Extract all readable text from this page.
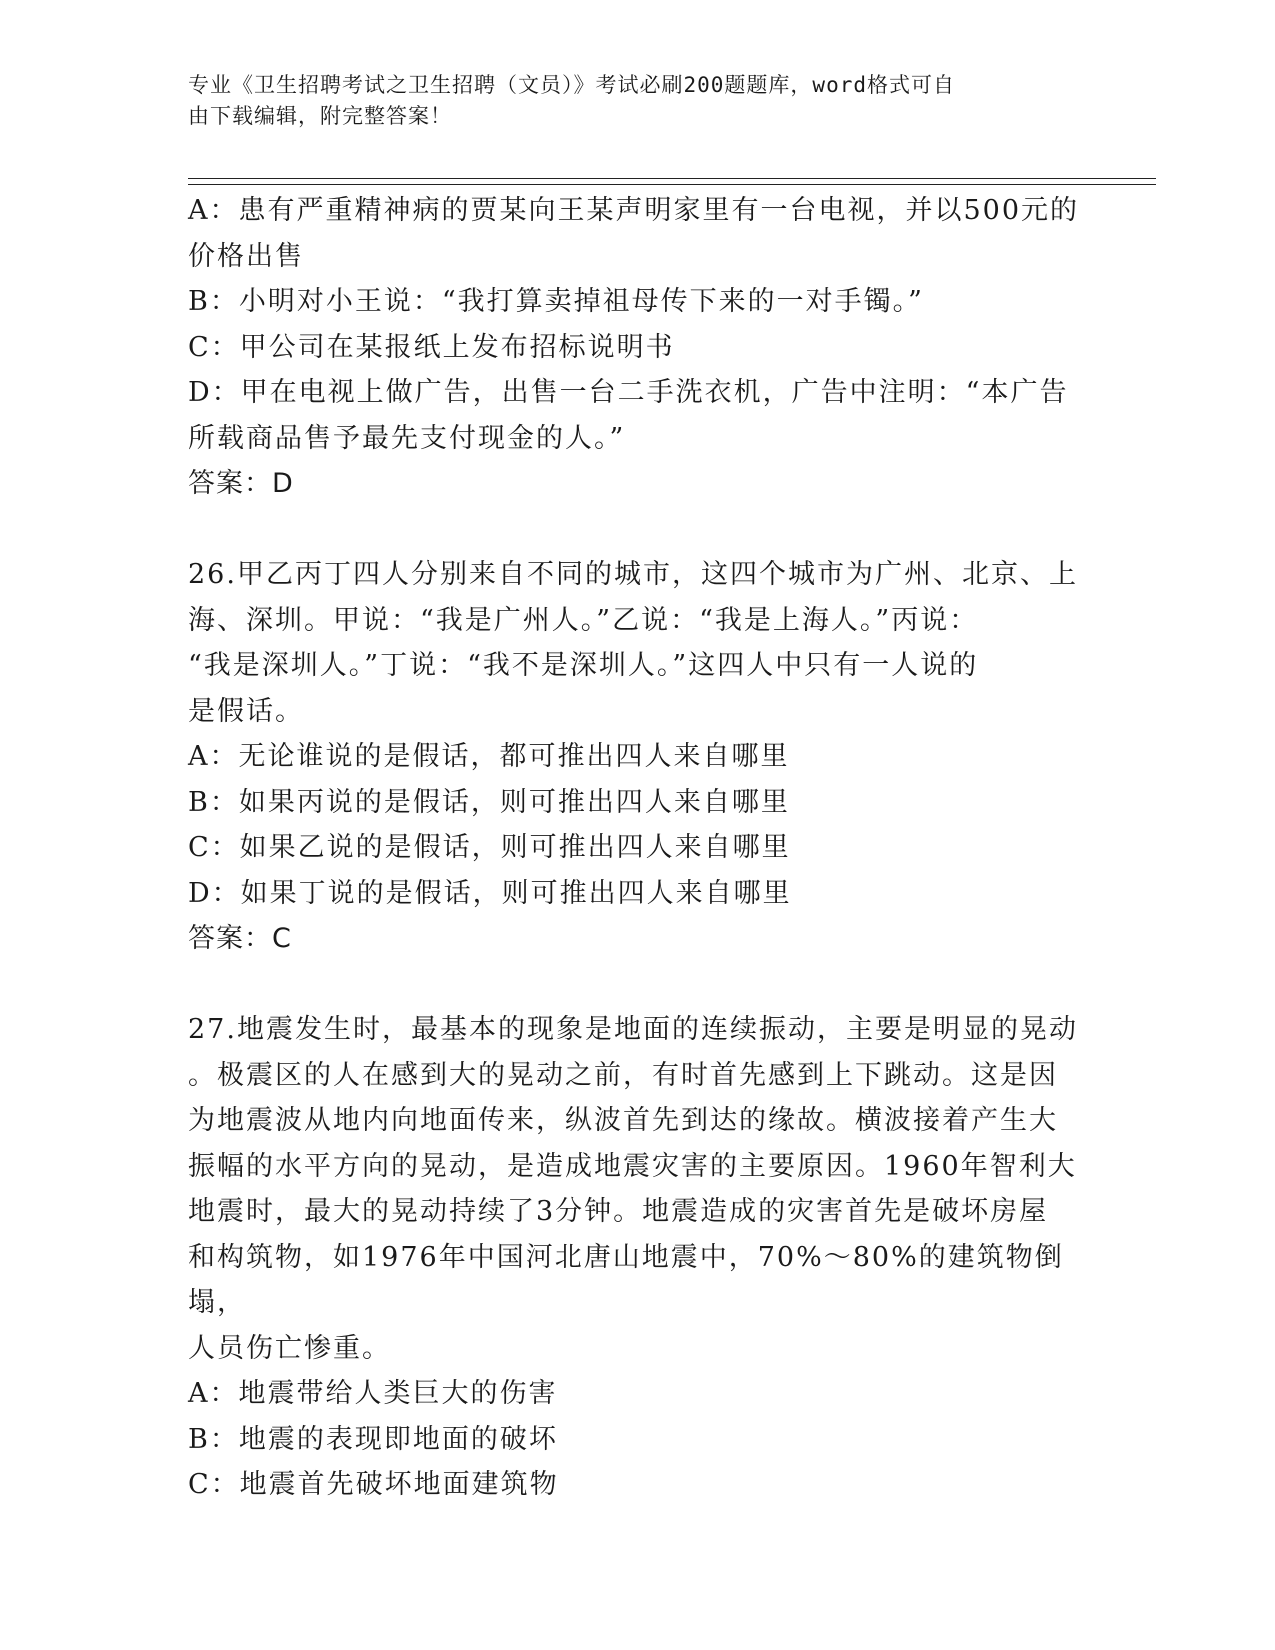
专业《卫生招聘考试之卫生招聘（文员）》考试必刷200题题库，word格式可自
由下载编辑，附完整答案！

A：患有严重精神病的贾某向王某声明家里有一台电视，并以500元的

价格出售

B：小明对小王说：“我打算卖掉祖母传下来的一对手镯。”

C：甲公司在某报纸上发布招标说明书

D：甲在电视上做广告，出售一台二手洗衣机，广告中注明：“本广告

所载商品售予最先支付现金的人。”

答案：D

26.甲乙丙丁四人分别来自不同的城市，这四个城市为广州、北京、上

海、深圳。甲说：“我是广州人。”乙说：“我是上海人。”丙说：

“我是深圳人。”丁说：“我不是深圳人。”这四人中只有一人说的

是假话。

A：无论谁说的是假话，都可推出四人来自哪里

B：如果丙说的是假话，则可推出四人来自哪里

C：如果乙说的是假话，则可推出四人来自哪里

D：如果丁说的是假话，则可推出四人来自哪里

答案：C

27.地震发生时，最基本的现象是地面的连续振动，主要是明显的晃动

。极震区的人在感到大的晃动之前，有时首先感到上下跳动。这是因

为地震波从地内向地面传来，纵波首先到达的缘故。横波接着产生大

振幅的水平方向的晃动，是造成地震灾害的主要原因。1960年智利大

地震时，最大的晃动持续了3分钟。地震造成的灾害首先是破坏房屋

和构筑物，如1976年中国河北唐山地震中，70%～80%的建筑物倒塌，

人员伤亡惨重。

A：地震带给人类巨大的伤害

B：地震的表现即地面的破坏

C：地震首先破坏地面建筑物
